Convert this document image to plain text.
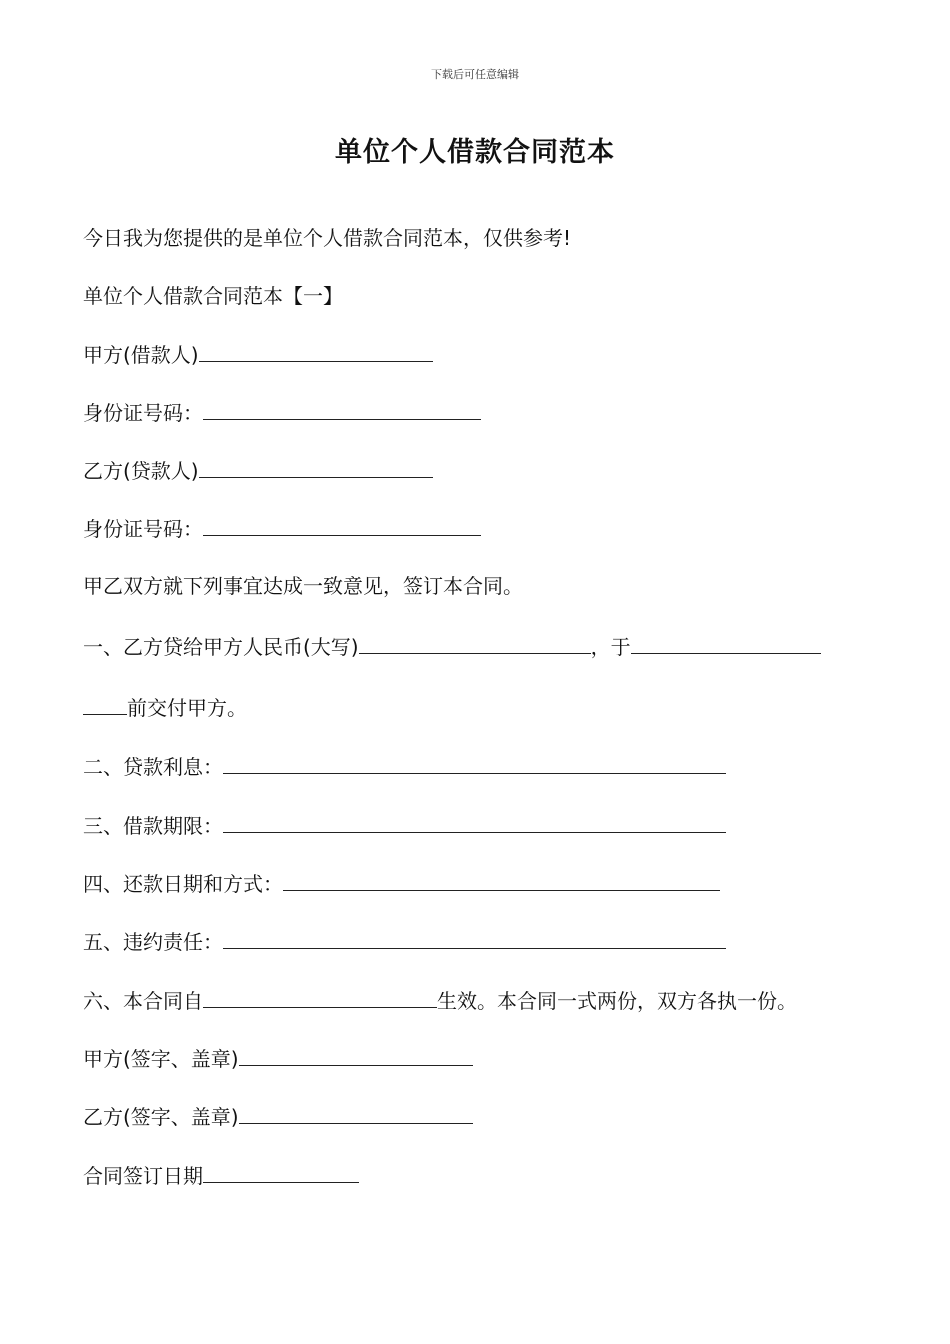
下载后可任意编辑
单位个人借款合同范本
今日我为您提供的是单位个人借款合同范本，仅供参考!
单位个人借款合同范本【一】
甲方(借款人)
身份证号码：
乙方(贷款人)
身份证号码：
甲乙双方就下列事宜达成一致意见，签订本合同。
一、乙方贷给甲方人民币(大写)	，于
前交付甲方。
二、贷款利息：
三、借款期限：
四、还款日期和方式：
五、违约责任：
六、本合同自	生效。本合同一式两份，双方各执一份。
甲方(签字、盖章)
乙方(签字、盖章)
合同签订日期
